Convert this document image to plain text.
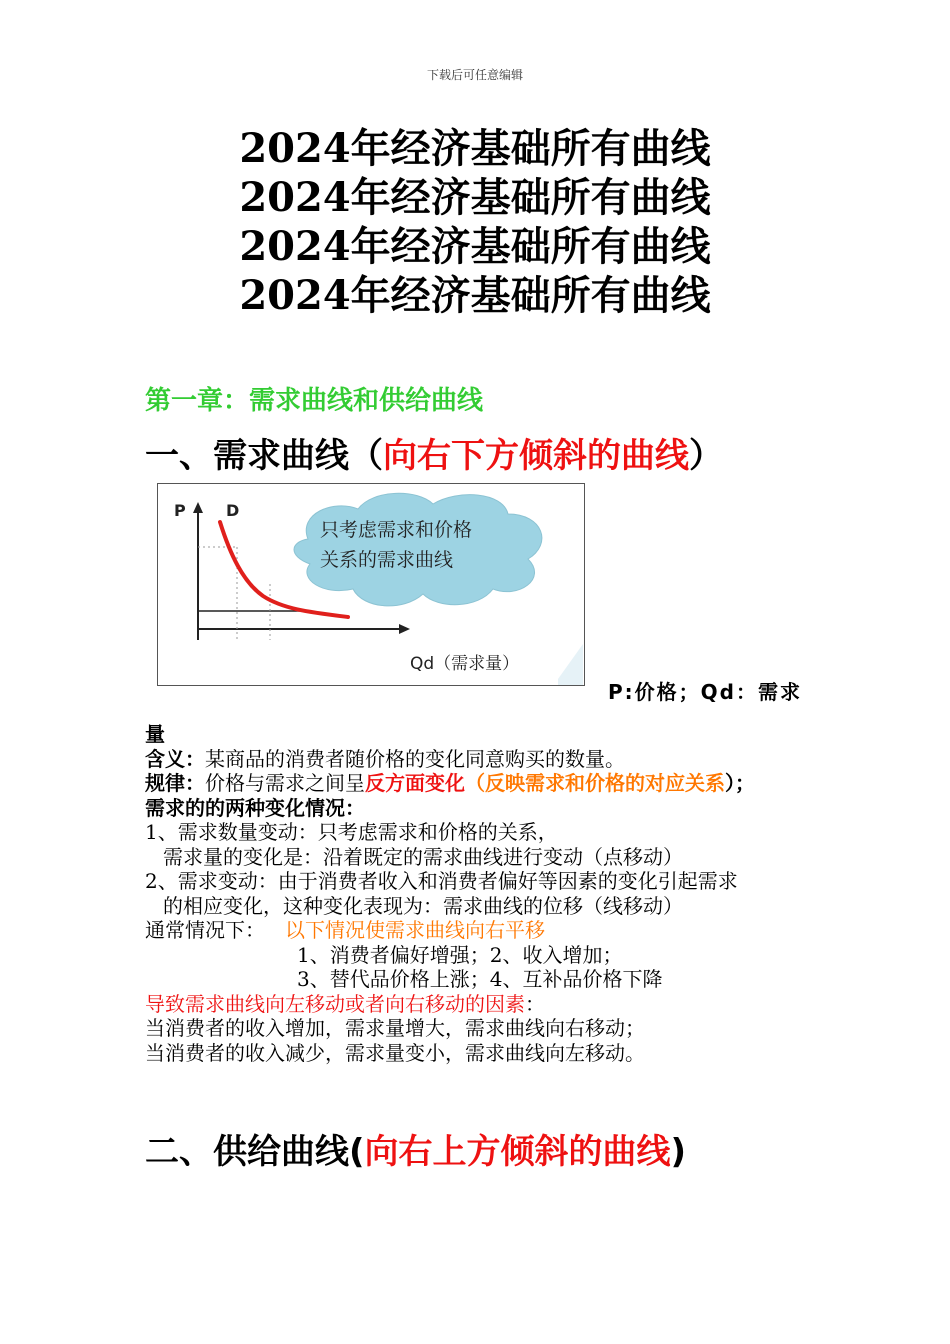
下载后可任意编辑
2024年经济基础所有曲线
2024年经济基础所有曲线
2024年经济基础所有曲线
2024年经济基础所有曲线
第一章：需求曲线和供给曲线
一、需求曲线（向右下方倾斜的曲线）
P	D
只考虑需求和价格
关系的需求曲线
Qd（需求量）
P:价格；Qd：需求

量

含义：某商品的消费者随价格的变化同意购买的数量。

规律：价格与需求之间呈反方面变化（反映需求和价格的对应关系）；

需求的的两种变化情况：

1、需求数量变动：只考虑需求和价格的关系，

需求量的变化是：沿着既定的需求曲线进行变动（点移动）

2、需求变动：由于消费者收入和消费者偏好等因素的变化引起需求

的相应变化，这种变化表现为：需求曲线的位移（线移动）

通常情况下： 以下情况使需求曲线向右平移

1、消费者偏好增强；2、收入增加；

3、替代品价格上涨；4、互补品价格下降

导致需求曲线向左移动或者向右移动的因素：

当消费者的收入增加，需求量增大，需求曲线向右移动；

当消费者的收入减少，需求量变小，需求曲线向左移动。

二、供给曲线(向右上方倾斜的曲线)
